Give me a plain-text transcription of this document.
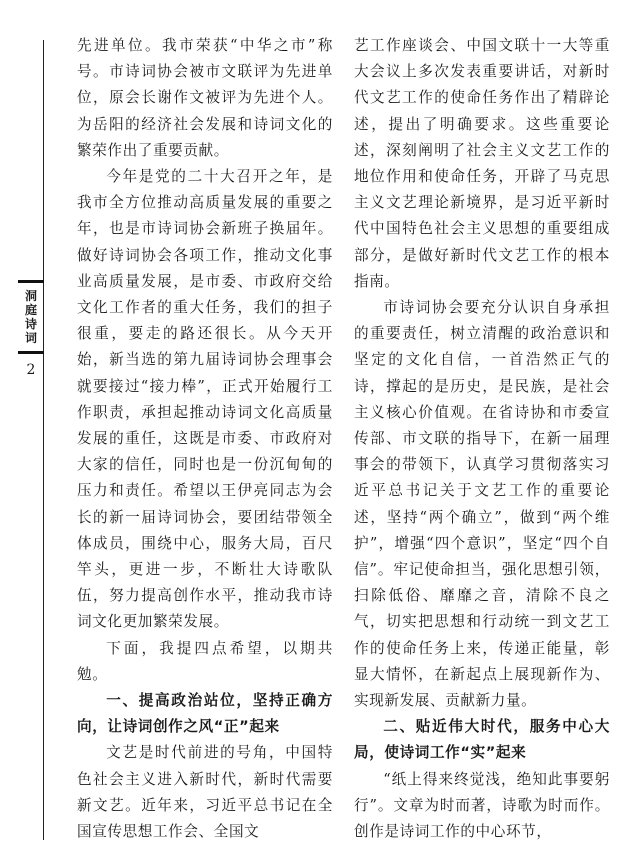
洞
庭
诗
词
2

先进单位。我市荣获“中华之市”称号。市诗词协会被市文联评为先进单位，原会长谢作文被评为先进个人。为岳阳的经济社会发展和诗词文化的繁荣作出了重要贡献。

今年是党的二十大召开之年，是我市全方位推动高质量发展的重要之年，也是市诗词协会新班子换届年。做好诗词协会各项工作，推动文化事业高质量发展，是市委、市政府交给文化工作者的重大任务，我们的担子很重，要走的路还很长。从今天开始，新当选的第九届诗词协会理事会就要接过“接力棒”，正式开始履行工作职责，承担起推动诗词文化高质量发展的重任，这既是市委、市政府对大家的信任，同时也是一份沉甸甸的压力和责任。希望以王伊亮同志为会长的新一届诗词协会，要团结带领全体成员，围绕中心，服务大局，百尺竿头，更进一步，不断壮大诗歌队伍，努力提高创作水平，推动我市诗词文化更加繁荣发展。

下面，我提四点希望，以期共勉。

一、提高政治站位，坚持正确方向，让诗词创作之风“正”起来

文艺是时代前进的号角，中国特色社会主义进入新时代，新时代需要新文艺。近年来，习近平总书记在全国宣传思想工作会、全国文

艺工作座谈会、中国文联十一大等重大会议上多次发表重要讲话，对新时代文艺工作的使命任务作出了精辟论述，提出了明确要求。这些重要论述，深刻阐明了社会主义文艺工作的地位作用和使命任务，开辟了马克思主义文艺理论新境界，是习近平新时代中国特色社会主义思想的重要组成部分，是做好新时代文艺工作的根本指南。

市诗词协会要充分认识自身承担的重要责任，树立清醒的政治意识和坚定的文化自信，一首浩然正气的诗，撑起的是历史，是民族，是社会主义核心价值观。在省诗协和市委宣传部、市文联的指导下，在新一届理事会的带领下，认真学习贯彻落实习近平总书记关于文艺工作的重要论述，坚持“两个确立”，做到“两个维护”，增强“四个意识”，坚定“四个自信”。牢记使命担当，强化思想引领，扫除低俗、靡靡之音，清除不良之气，切实把思想和行动统一到文艺工作的使命任务上来，传递正能量，彰显大情怀，在新起点上展现新作为、实现新发展、贡献新力量。

二、贴近伟大时代，服务中心大局，使诗词工作“实”起来

“纸上得来终觉浅，绝知此事要躬行”。文章为时而著，诗歌为时而作。创作是诗词工作的中心环节，
